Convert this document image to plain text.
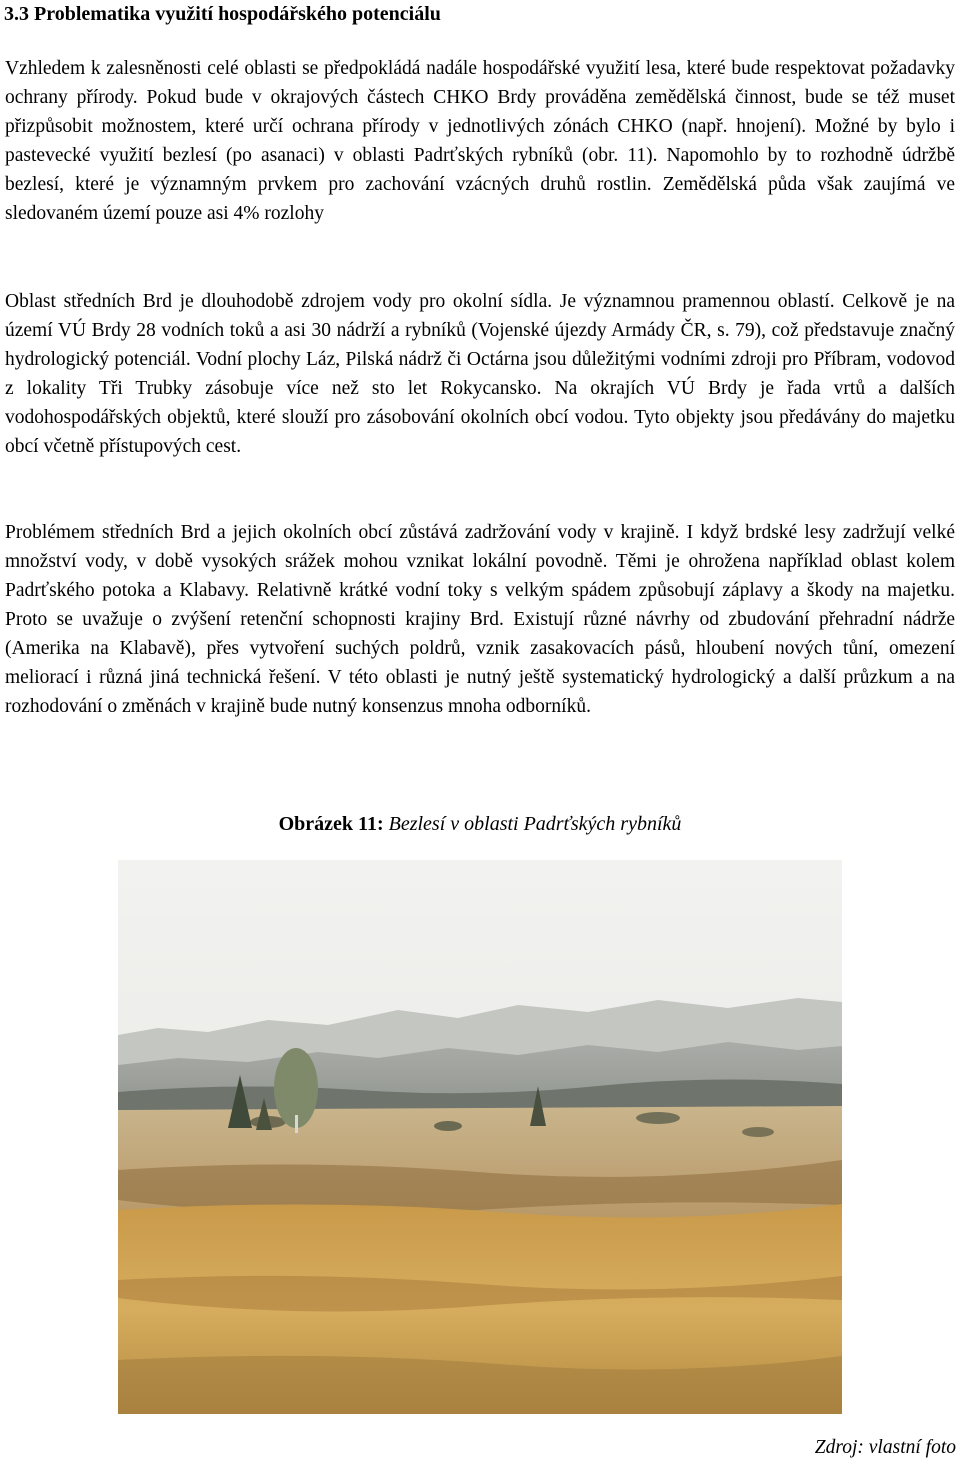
3.3 Problematika využití hospodářského potenciálu

Vzhledem k zalesněnosti celé oblasti se předpokládá nadále hospodářské využití lesa, které bude respektovat požadavky ochrany přírody. Pokud bude v okrajových částech CHKO Brdy prováděna zemědělská činnost, bude se též muset přizpůsobit možnostem, které určí ochrana přírody v jednotlivých zónách CHKO (např. hnojení). Možné by bylo i pastevecké využití bezlesí (po asanaci) v oblasti Padrťských rybníků (obr. 11). Napomohlo by to rozhodně údržbě bezlesí, které je významným prvkem pro zachování vzácných druhů rostlin. Zemědělská půda však zaujímá ve sledovaném území pouze asi 4% rozlohy

Oblast středních Brd je dlouhodobě zdrojem vody pro okolní sídla. Je významnou pramennou oblastí. Celkově je na území VÚ Brdy 28 vodních toků a asi 30 nádrží a rybníků (Vojenské újezdy Armády ČR, s. 79), což představuje značný hydrologický potenciál. Vodní plochy Láz, Pilská nádrž či Octárna jsou důležitými vodními zdroji pro Příbram, vodovod z lokality Tři Trubky zásobuje více než sto let Rokycansko. Na okrajích VÚ Brdy je řada vrtů a dalších vodohospodářských objektů, které slouží pro zásobování okolních obcí vodou. Tyto objekty jsou předávány do majetku obcí včetně přístupových cest.

Problémem středních Brd a jejich okolních obcí zůstává zadržování vody v krajině. I když brdské lesy zadržují velké množství vody, v době vysokých srážek mohou vznikat lokální povodně. Těmi je ohrožena například oblast kolem Padrťského potoka a Klabavy. Relativně krátké vodní toky s velkým spádem způsobují záplavy a škody na majetku. Proto se uvažuje o zvýšení retenční schopnosti krajiny Brd. Existují různé návrhy od zbudování přehradní nádrže (Amerika na Klabavě), přes vytvoření suchých poldrů, vznik zasakovacích pásů, hloubení nových tůní, omezení meliorací i různá jiná technická řešení. V této oblasti je nutný ještě systematický hydrologický a další průzkum a na rozhodování o změnách v krajině bude nutný konsenzus mnoha odborníků.

Obrázek 11: Bezlesí v oblasti Padrťských rybníků

Zdroj: vlastní foto
